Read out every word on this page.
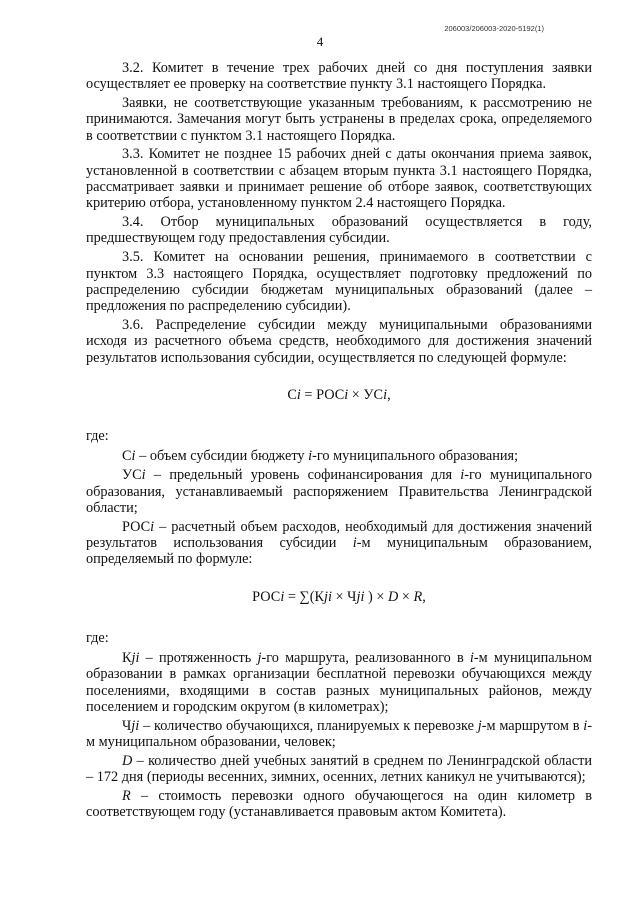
206003/206003-2020-5192(1)
4

3.2. Комитет в течение трех рабочих дней со дня поступления заявки осуществляет ее проверку на соответствие пункту 3.1 настоящего Порядка.

Заявки, не соответствующие указанным требованиям, к рассмотрению не принимаются. Замечания могут быть устранены в пределах срока, определяемого в соответствии с пунктом 3.1 настоящего Порядка.

3.3. Комитет не позднее 15 рабочих дней с даты окончания приема заявок, установленной в соответствии с абзацем вторым пункта 3.1 настоящего Порядка, рассматривает заявки и принимает решение об отборе заявок, соответствующих критерию отбора, установленному пунктом 2.4 настоящего Порядка.

3.4. Отбор муниципальных образований осуществляется в году, предшествующем году предоставления субсидии.

3.5. Комитет на основании решения, принимаемого в соответствии с пунктом 3.3 настоящего Порядка, осуществляет подготовку предложений по распределению субсидии бюджетам муниципальных образований (далее – предложения по распределению субсидии).

3.6. Распределение субсидии между муниципальными образованиями исходя из расчетного объема средств, необходимого для достижения значений результатов использования субсидии, осуществляется по следующей формуле:

Сi = РОСi × УСi,

где:

Сi – объем субсидии бюджету i-го муниципального образования;

УСi – предельный уровень софинансирования для i-го муниципального образования, устанавливаемый распоряжением Правительства Ленинградской области;

РОСi – расчетный объем расходов, необходимый для достижения значений результатов использования субсидии i-м муниципальным образованием, определяемый по формуле:

РОСi = ∑(Кji × Чji ) × D × R,

где:

Кji – протяженность j-го маршрута, реализованного в i-м муниципальном образовании в рамках организации бесплатной перевозки обучающихся между поселениями, входящими в состав разных муниципальных районов, между поселением и городским округом (в километрах);

Чji – количество обучающихся, планируемых к перевозке j-м маршрутом в i-м муниципальном образовании, человек;

D – количество дней учебных занятий в среднем по Ленинградской области – 172 дня (периоды весенних, зимних, осенних, летних каникул не учитываются);

R – стоимость перевозки одного обучающегося на один километр в соответствующем году (устанавливается правовым актом Комитета).
